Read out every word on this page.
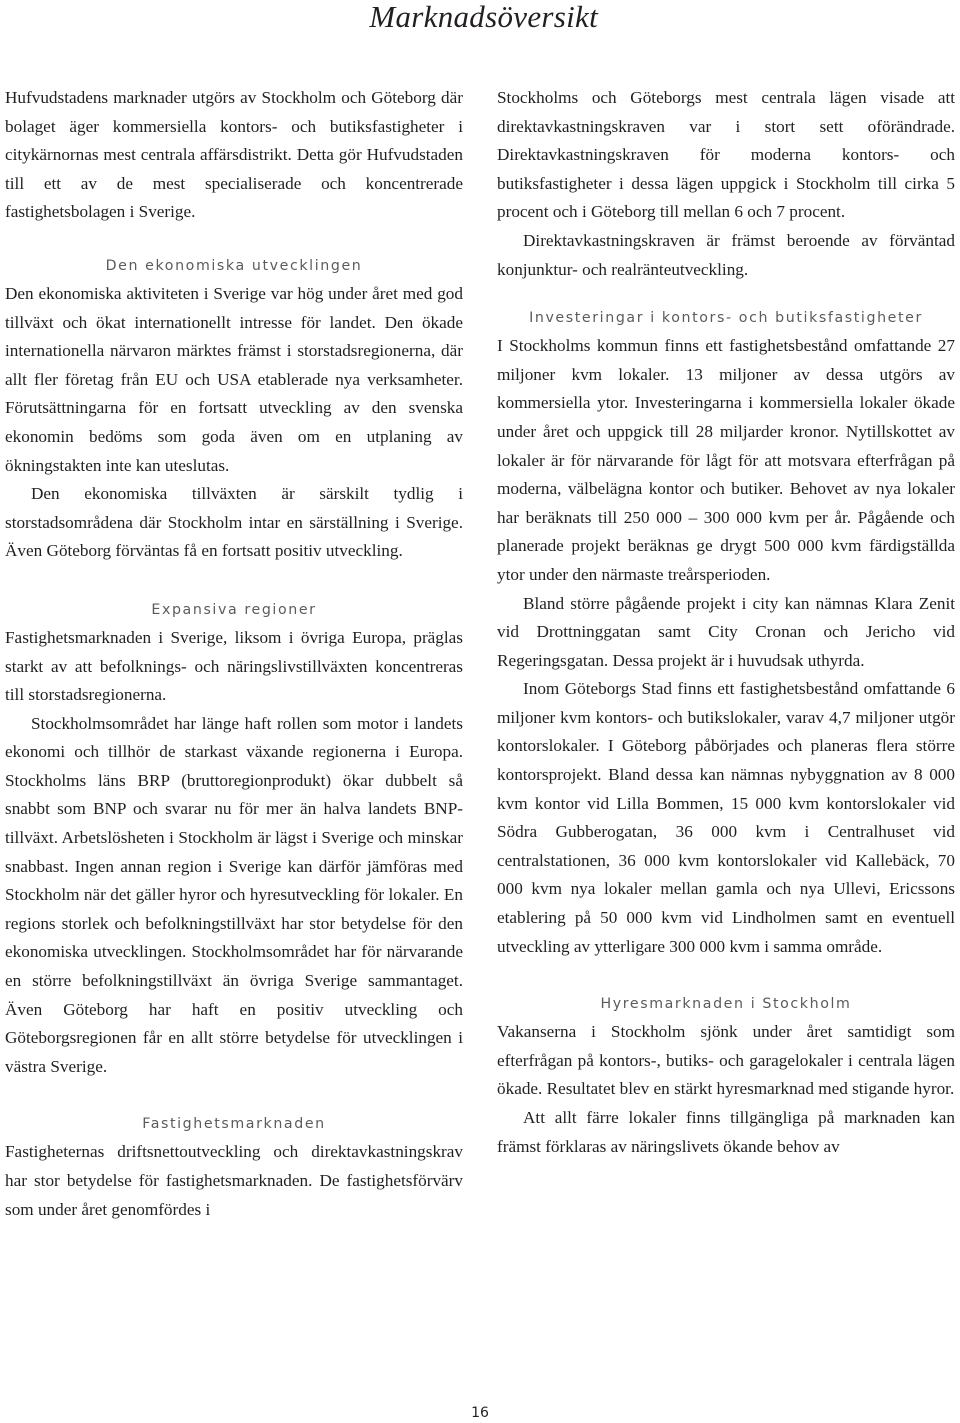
Marknadsöversikt

Hufvudstadens marknader utgörs av Stockholm och Göteborg där bolaget äger kommersiella kontors- och butiksfastigheter i citykärnornas mest centrala affärsdistrikt. Detta gör Hufvudstaden till ett av de mest specialiserade och koncentrerade fastighetsbolagen i Sverige.

Den ekonomiska utvecklingen

Den ekonomiska aktiviteten i Sverige var hög under året med god tillväxt och ökat internationellt intresse för landet. Den ökade internationella närvaron märktes främst i storstadsregionerna, där allt fler företag från EU och USA etablerade nya verksamheter. Förutsättningarna för en fortsatt utveckling av den svenska ekonomin bedöms som goda även om en utplaning av ökningstakten inte kan uteslutas.

Den ekonomiska tillväxten är särskilt tydlig i storstadsområdena där Stockholm intar en särställning i Sverige. Även Göteborg förväntas få en fortsatt positiv utveckling.

Expansiva regioner

Fastighetsmarknaden i Sverige, liksom i övriga Europa, präglas starkt av att befolknings- och näringslivstillväxten koncentreras till storstadsregionerna.

Stockholmsområdet har länge haft rollen som motor i landets ekonomi och tillhör de starkast växande regionerna i Europa. Stockholms läns BRP (bruttoregionprodukt) ökar dubbelt så snabbt som BNP och svarar nu för mer än halva landets BNP-tillväxt. Arbetslösheten i Stockholm är lägst i Sverige och minskar snabbast. Ingen annan region i Sverige kan därför jämföras med Stockholm när det gäller hyror och hyresutveckling för lokaler. En regions storlek och befolkningstillväxt har stor betydelse för den ekonomiska utvecklingen. Stockholmsområdet har för närvarande en större befolkningstillväxt än övriga Sverige sammantaget. Även Göteborg har haft en positiv utveckling och Göteborgsregionen får en allt större betydelse för utvecklingen i västra Sverige.

Fastighetsmarknaden

Fastigheternas driftsnettoutveckling och direktavkastningskrav har stor betydelse för fastighetsmarknaden. De fastighetsförvärv som under året genomfördes i

Stockholms och Göteborgs mest centrala lägen visade att direktavkastningskraven var i stort sett oförändrade. Direktavkastningskraven för moderna kontors- och butiksfastigheter i dessa lägen uppgick i Stockholm till cirka 5 procent och i Göteborg till mellan 6 och 7 procent.

Direktavkastningskraven är främst beroende av förväntad konjunktur- och realränteutveckling.

Investeringar i kontors- och butiksfastigheter

I Stockholms kommun finns ett fastighetsbestånd omfattande 27 miljoner kvm lokaler. 13 miljoner av dessa utgörs av kommersiella ytor. Investeringarna i kommersiella lokaler ökade under året och uppgick till 28 miljarder kronor. Nytillskottet av lokaler är för närvarande för lågt för att motsvara efterfrågan på moderna, välbelägna kontor och butiker. Behovet av nya lokaler har beräknats till 250 000 – 300 000 kvm per år. Pågående och planerade projekt beräknas ge drygt 500 000 kvm färdigställda ytor under den närmaste treårsperioden.

Bland större pågående projekt i city kan nämnas Klara Zenit vid Drottninggatan samt City Cronan och Jericho vid Regeringsgatan. Dessa projekt är i huvudsak uthyrda.

Inom Göteborgs Stad finns ett fastighetsbestånd omfattande 6 miljoner kvm kontors- och butikslokaler, varav 4,7 miljoner utgör kontorslokaler. I Göteborg påbörjades och planeras flera större kontorsprojekt. Bland dessa kan nämnas nybyggnation av 8 000 kvm kontor vid Lilla Bommen, 15 000 kvm kontorslokaler vid Södra Gubberogatan, 36 000 kvm i Centralhuset vid centralstationen, 36 000 kvm kontorslokaler vid Kallebäck, 70 000 kvm nya lokaler mellan gamla och nya Ullevi, Ericssons etablering på 50 000 kvm vid Lindholmen samt en eventuell utveckling av ytterligare 300 000 kvm i samma område.

Hyresmarknaden i Stockholm

Vakanserna i Stockholm sjönk under året samtidigt som efterfrågan på kontors-, butiks- och garagelokaler i centrala lägen ökade. Resultatet blev en stärkt hyresmarknad med stigande hyror.

Att allt färre lokaler finns tillgängliga på marknaden kan främst förklaras av näringslivets ökande behov av

16
